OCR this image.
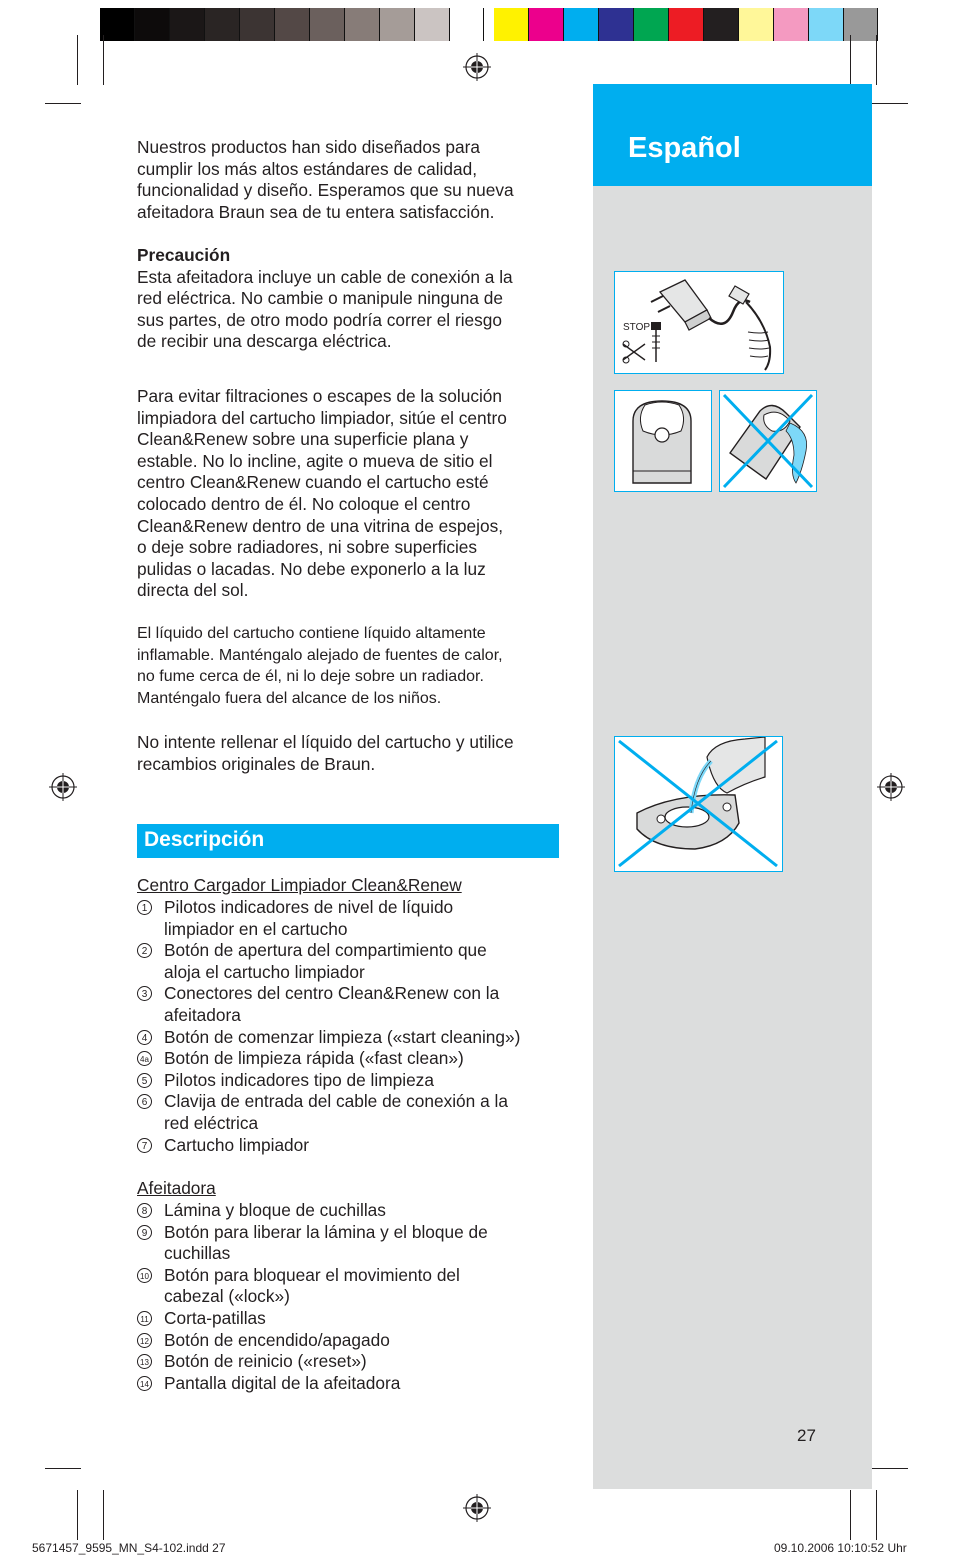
Español
27
STOP
Nuestros productos han sido diseñados para
cumplir los más altos estándares de calidad,
funcionalidad y diseño. Esperamos que su nueva
afeitadora Braun sea de tu entera satisfacción.
Precaución
Esta afeitadora incluye un cable de conexión a la
red eléctrica. No cambie o manipule ninguna de
sus partes, de otro modo podría correr el riesgo
de recibir una descarga eléctrica.
Para evitar filtraciones o escapes de la solución
limpiadora del cartucho limpiador, sitúe el centro
Clean&Renew sobre una superficie plana y
estable. No lo incline, agite o mueva de sitio el
centro Clean&Renew cuando el cartucho esté
colocado dentro de él. No coloque el centro
Clean&Renew dentro de una vitrina de espejos,
o deje sobre radiadores, ni sobre superficies
pulidas o lacadas. No debe exponerlo a la luz
directa del sol.
El líquido del cartucho contiene líquido altamente
inflamable. Manténgalo alejado de fuentes de calor,
no fume cerca de él, ni lo deje sobre un radiador.
Manténgalo fuera del alcance de los niños.
No intente rellenar el líquido del cartucho y utilice
recambios originales de Braun.
Descripción
Centro Cargador Limpiador Clean&Renew
1 Pilotos indicadores de nivel de líquido
limpiador en el cartucho
2 Botón de apertura del compartimiento que
aloja el cartucho limpiador
3 Conectores del centro Clean&Renew con la
afeitadora
4 Botón de comenzar limpieza («start cleaning»)
4a Botón de limpieza rápida («fast clean»)
5 Pilotos indicadores tipo de limpieza
6 Clavija de entrada del cable de conexión a la
red eléctrica
7 Cartucho limpiador
Afeitadora
8 Lámina y bloque de cuchillas
9 Botón para liberar la lámina y el bloque de
cuchillas
10 Botón para bloquear el movimiento del
cabezal («lock»)
11 Corta-patillas
12 Botón de encendido/apagado
13 Botón de reinicio («reset»)
14 Pantalla digital de la afeitadora
5671457_9595_MN_S4-102.indd 27	09.10.2006 10:10:52 Uhr
